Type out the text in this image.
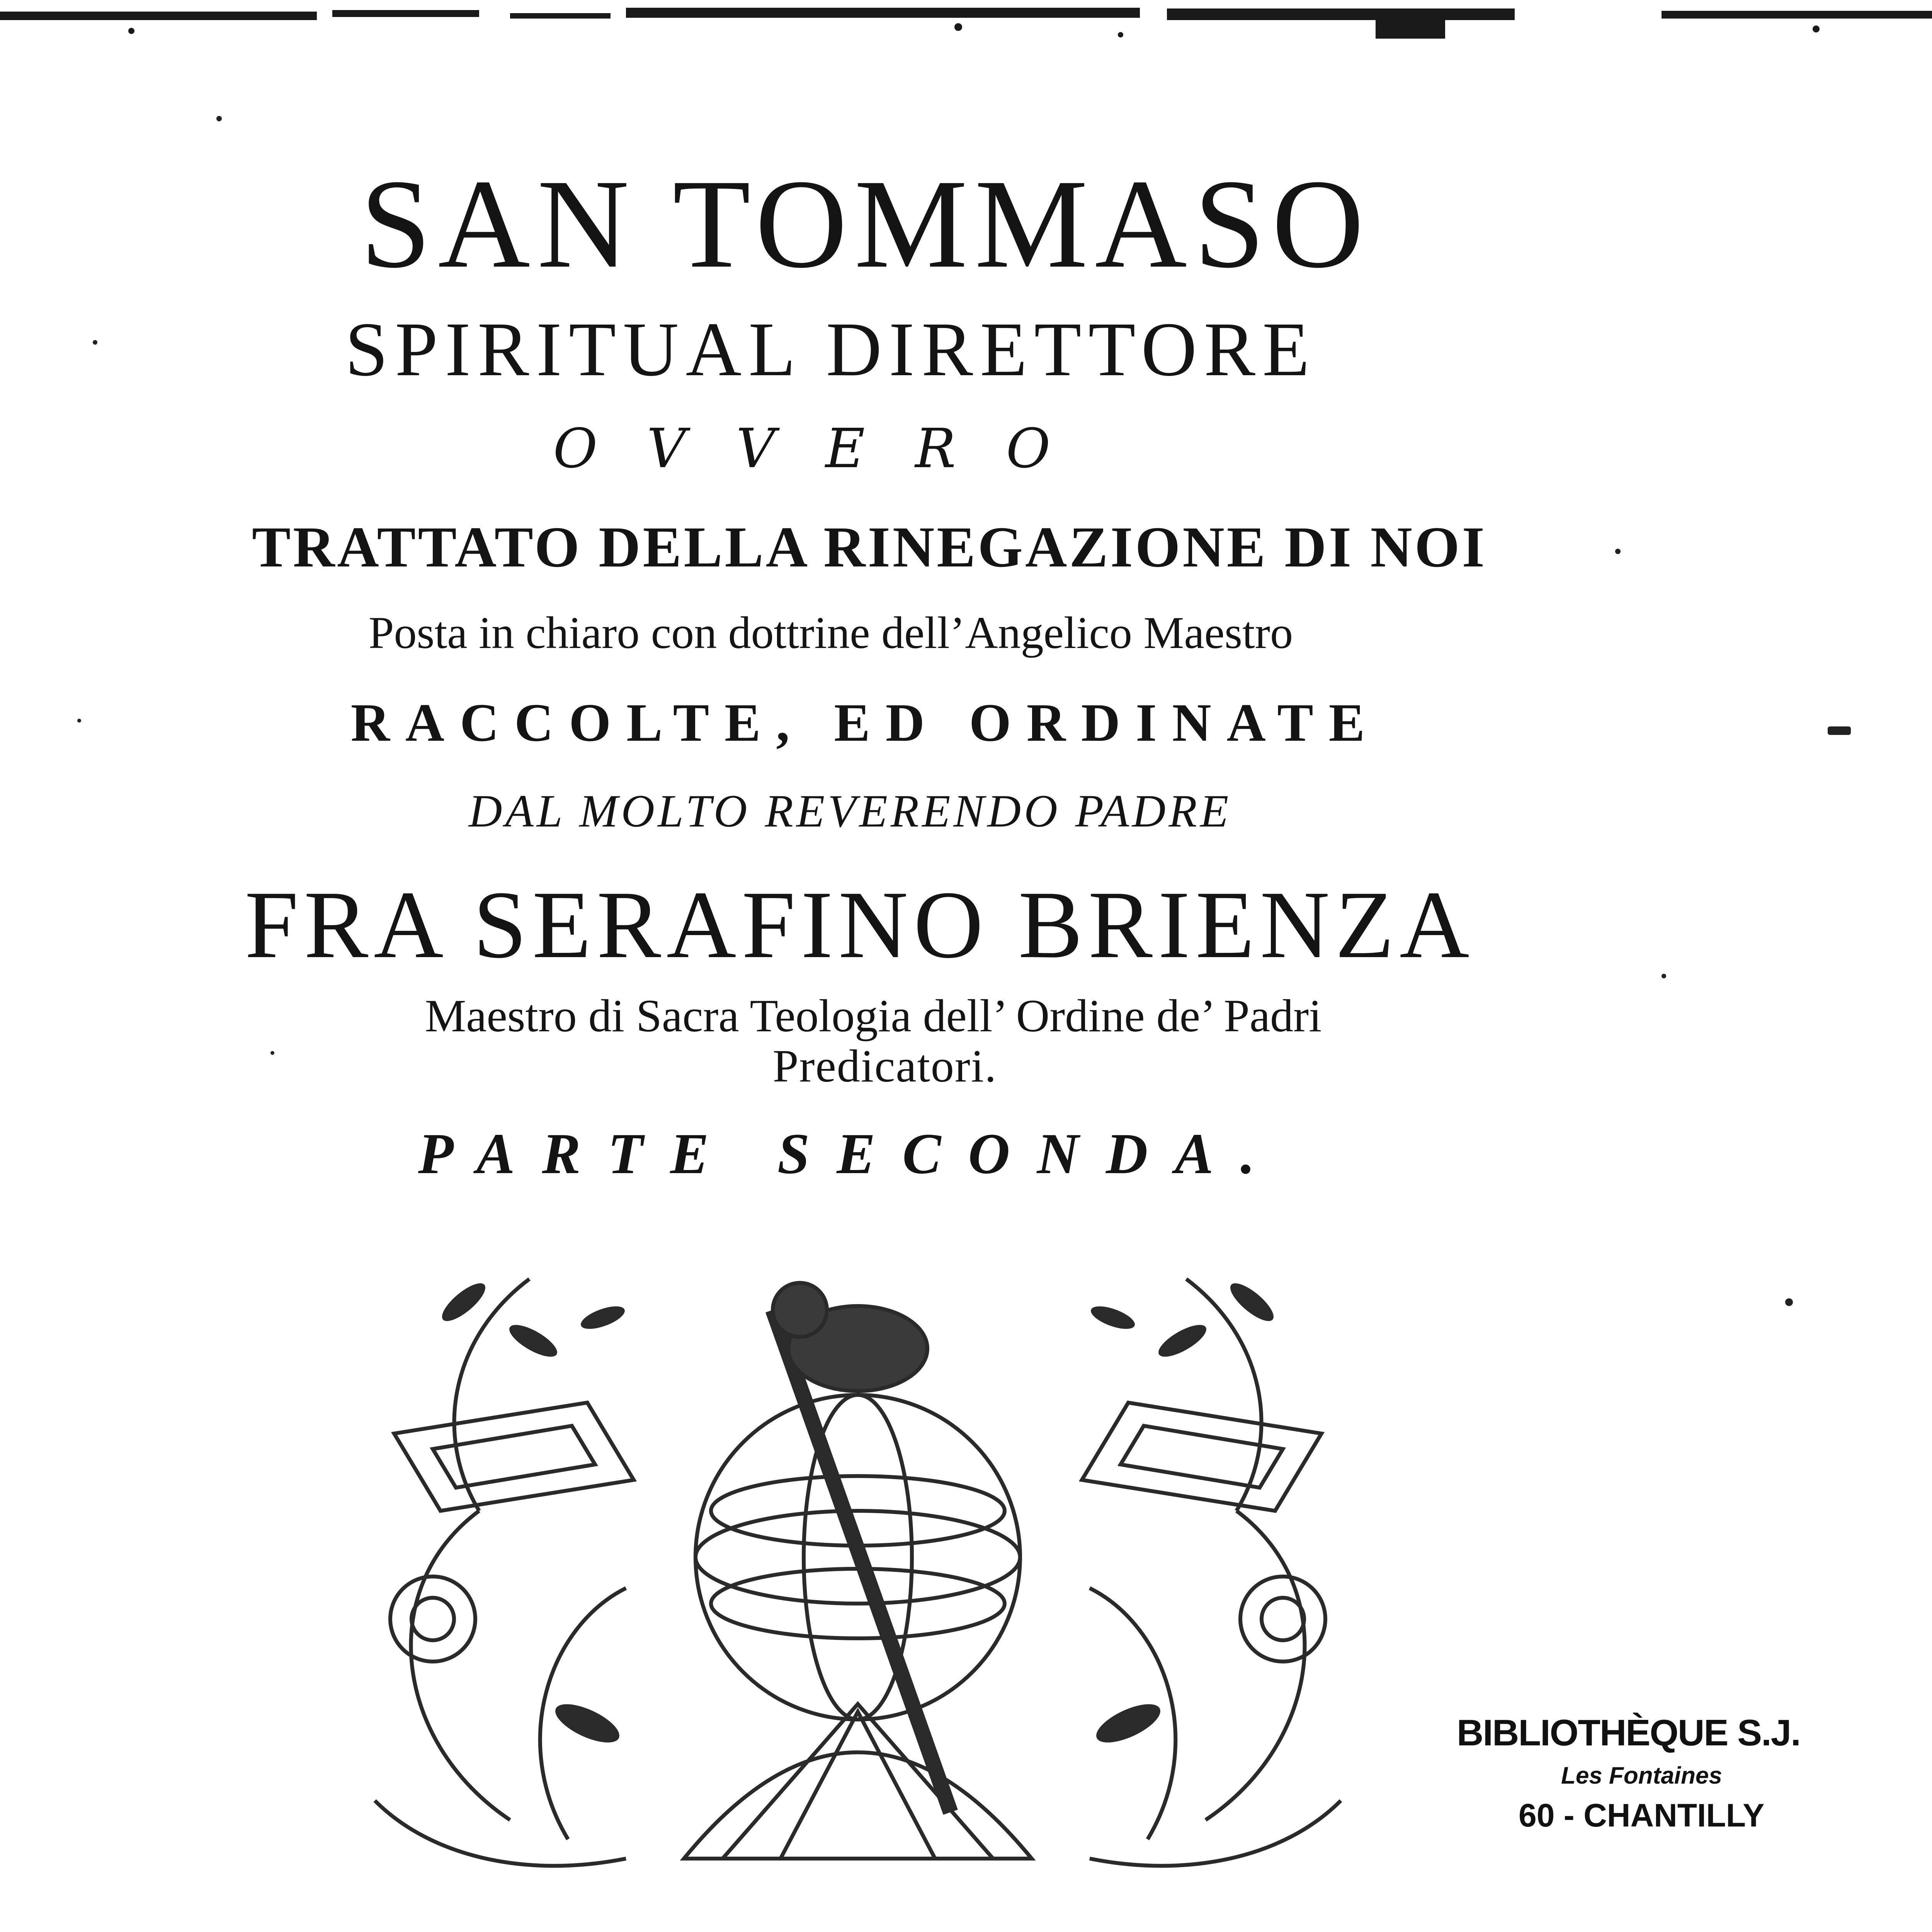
SAN TOMMASO
SPIRITUAL DIRETTORE
OVVERO
TRATTATO DELLA RINEGAZIONE DI NOI
Posta in chiaro con dottrine dell’Angelico Maestro
RACCOLTE, ED ORDINATE
DAL MOLTO REVERENDO PADRE
FRA SERAFINO BRIENZA
Maestro di Sacra Teologia dell’ Ordine de’ Padri
Predicatori.
PARTE SECONDA.
BIBLIOTHÈQUE S.J.
Les Fontaines
60 - CHANTILLY
